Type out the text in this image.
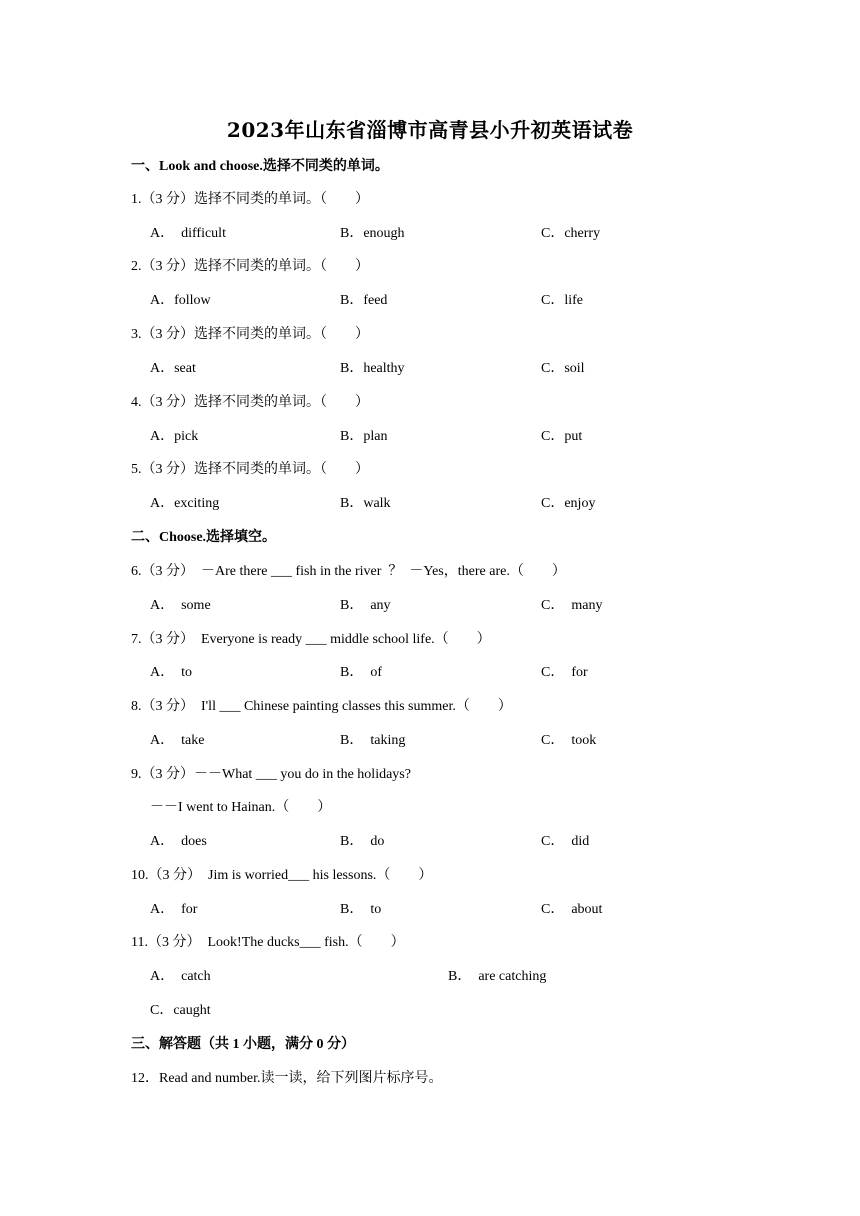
2023年山东省淄博市高青县小升初英语试卷
一、Look and choose.选择不同类的单词。
1.（3 分）选择不同类的单词。（　　）
A．  difficult	B．enough	C．cherry
2.（3 分）选择不同类的单词。（　　）
A．follow	B．feed	C．life
3.（3 分）选择不同类的单词。（　　）
A．seat	B．healthy	C．soil
4.（3 分）选择不同类的单词。（　　）
A．pick	B．plan	C．put
5.（3 分）选择不同类的单词。（　　）
A．exciting	B．walk	C．enjoy
二、Choose.选择填空。
6.（3 分）  －Are there ___ fish in the river  ？  －Yes，there are.（　　）
A．  some	B．  any	C．  many
7.（3 分）  Everyone is ready ___ middle school life.（　　）
A．  to	B．  of	C．  for
8.（3 分）  I'll ___ Chinese painting classes this summer.（　　）
A．  take	B．  taking	C．  took
9.（3 分）－－What ___ you do in the holidays?
－－I went to Hainan.（　　）
A．  does	B．  do	C．  did
10.（3 分）  Jim is worried___ his lessons.（　　）
A．  for	B．  to	C．  about
11.（3 分）  Look!The ducks___ fish.（　　）
A．  catch	B．  are catching
C．caught
三、解答题（共 1 小题，满分 0 分）
12．Read and number.读一读，给下列图片标序号。
